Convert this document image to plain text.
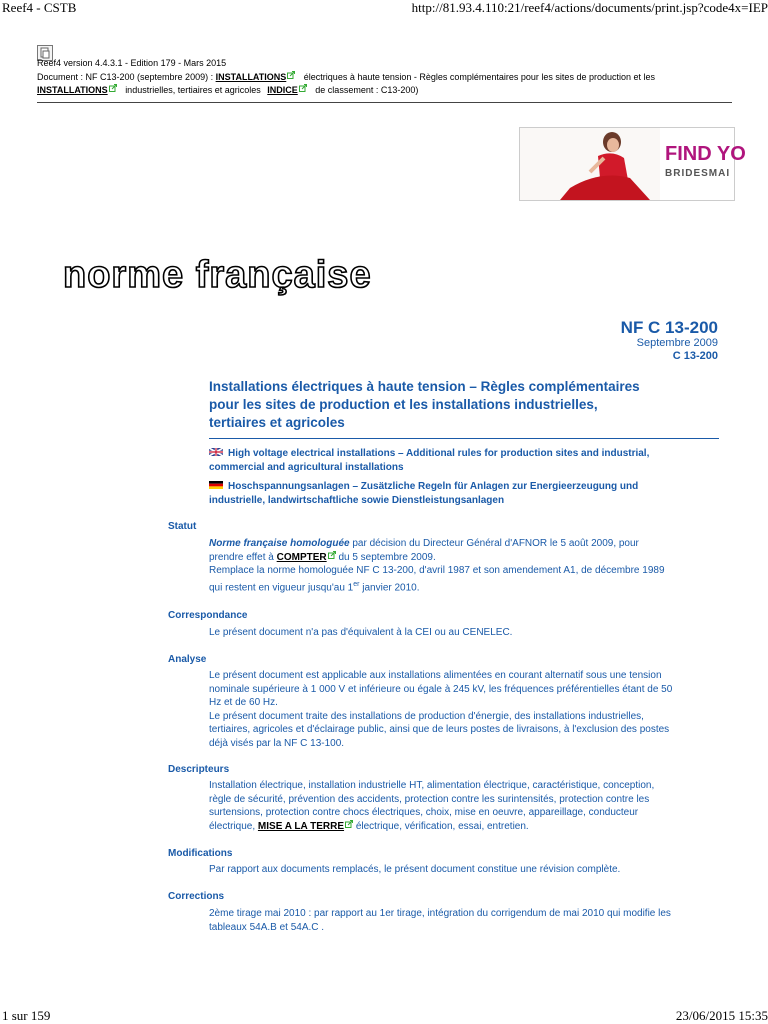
Reef4 - CSTB	http://81.93.4.110:21/reef4/actions/documents/print.jsp?code4x=IEP
Reef4 version 4.4.3.1 - Edition 179 - Mars 2015
Document : NF C13-200 (septembre 2009) : INSTALLATIONS électriques à haute tension - Règles complémentaires pour les sites de production et les
INSTALLATIONS industrielles, tertiaires et agricoles INDICE de classement : C13-200)
FIND YO
BRIDESMAI
norme française
NF C 13-200
Septembre 2009
C 13-200
Installations électriques à haute tension – Règles complémentaires
pour les sites de production et les installations industrielles,
tertiaires et agricoles
High voltage electrical installations – Additional rules for production sites and industrial,
commercial and agricultural installations
Hoschspannungsanlagen – Zusätzliche Regeln für Anlagen zur Energieerzeugung und
industrielle, landwirtschaftliche sowie Dienstleistungsanlagen
Statut
Norme française homologuée par décision du Directeur Général d'AFNOR le 5 août 2009, pour
prendre effet à COMPTER du 5 septembre 2009.
Remplace la norme homologuée NF C 13-200, d'avril 1987 et son amendement A1, de décembre 1989
qui restent en vigueur jusqu'au 1er janvier 2010.
Correspondance
Le présent document n'a pas d'équivalent à la CEI ou au CENELEC.
Analyse
Le présent document est applicable aux installations alimentées en courant alternatif sous une tension
nominale supérieure à 1 000 V et inférieure ou égale à 245 kV, les fréquences préférentielles étant de 50
Hz et de 60 Hz.
Le présent document traite des installations de production d'énergie, des installations industrielles,
tertiaires, agricoles et d'éclairage public, ainsi que de leurs postes de livraisons, à l'exclusion des postes
déjà visés par la NF C 13-100.
Descripteurs
Installation électrique, installation industrielle HT, alimentation électrique, caractéristique, conception,
règle de sécurité, prévention des accidents, protection contre les surintensités, protection contre les
surtensions, protection contre chocs électriques, choix, mise en oeuvre, appareillage, conducteur
électrique, MISE A LA TERRE électrique, vérification, essai, entretien.
Modifications
Par rapport aux documents remplacés, le présent document constitue une révision complète.
Corrections
2ème tirage mai 2010 : par rapport au 1er tirage, intégration du corrigendum de mai 2010 qui modifie les
tableaux 54A.B et 54A.C .
1 sur 159	23/06/2015 15:35
